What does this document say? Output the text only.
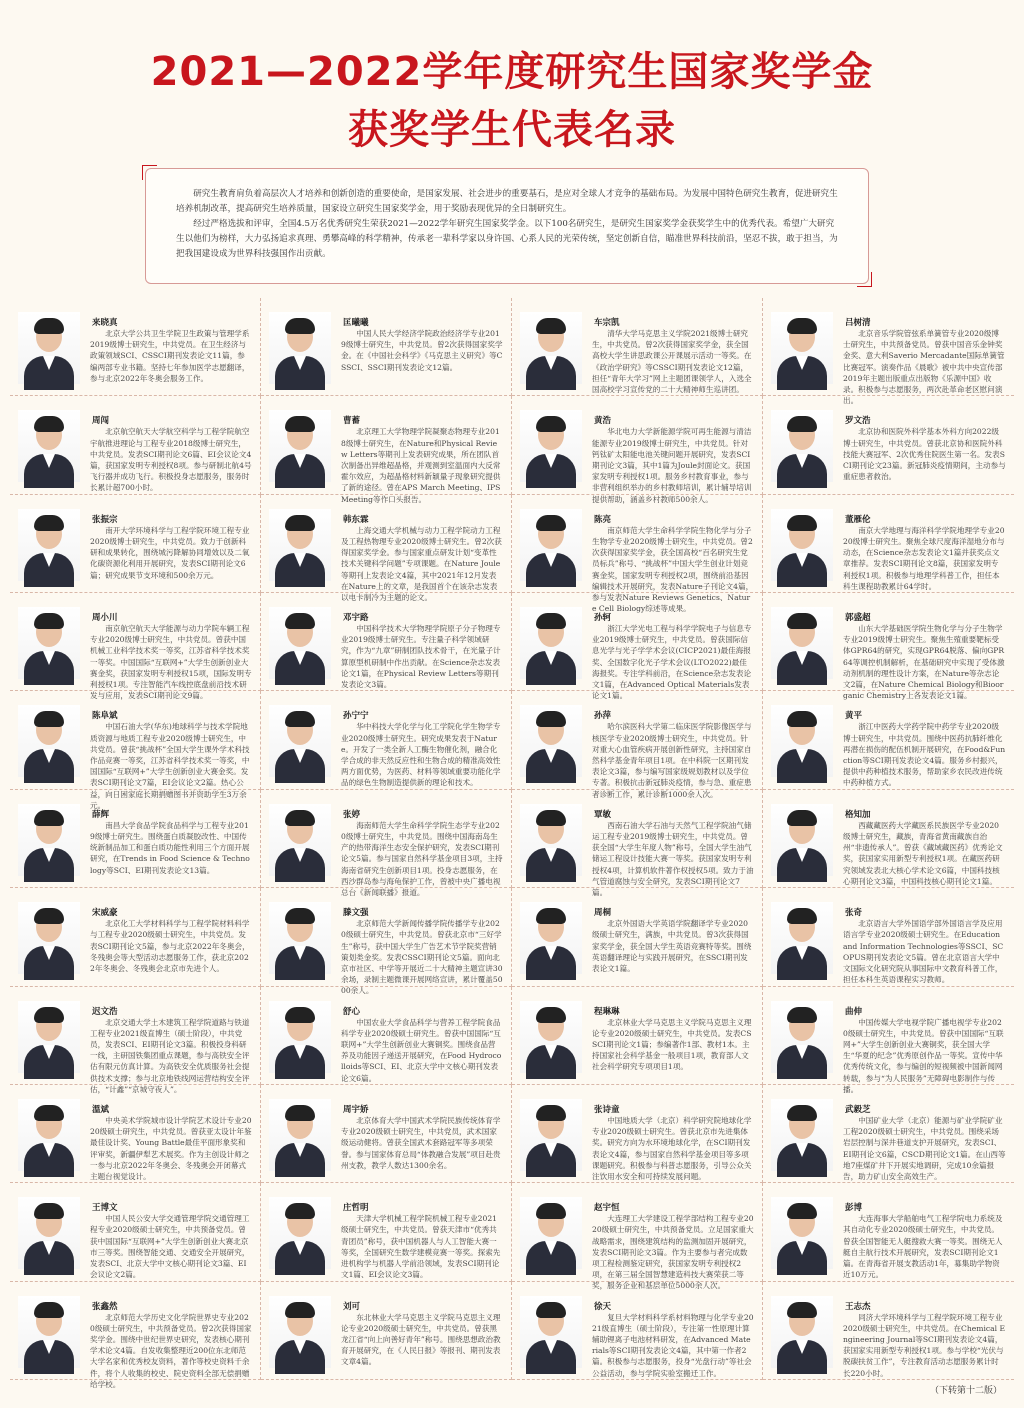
2021—2022学年度研究生国家奖学金
获奖学生代表名录

研究生教育肩负着高层次人才培养和创新创造的重要使命，是国家发展、社会进步的重要基石，是应对全球人才竞争的基础布局。为发展中国特色研究生教育，促进研究生培养机制改革，提高研究生培养质量，国家设立研究生国家奖学金，用于奖励表现优异的全日制研究生。

经过严格选拔和评审，全国4.5万名优秀研究生荣获2021—2022学年研究生国家奖学金。以下100名研究生，是研究生国家奖学金获奖学生中的优秀代表。希望广大研究生以他们为榜样，大力弘扬追求真理、勇攀高峰的科学精神，传承老一辈科学家以身许国、心系人民的光荣传统，坚定创新自信，瞄准世界科技前沿，坚忍不拔，敢于担当，为把我国建设成为世界科技强国作出贡献。

来晓真
北京大学公共卫生学院卫生政策与管理学系2019级博士研究生，中共党员。在卫生经济与政策领域SCI、CSSCI期刊发表论文11篇，参编两部专业书籍。坚持七年参加医学志愿翻译，参与北京2022年冬奥会服务工作。
匡曦曦
中国人民大学经济学院政治经济学专业2019级博士研究生，中共党员。曾2次获得国家奖学金。在《中国社会科学》《马克思主义研究》等CSSCI、SSCI期刊发表论文12篇。
车宗凯
清华大学马克思主义学院2021级博士研究生，中共党员。曾2次获得国家奖学金，获全国高校大学生讲思政课公开课展示活动一等奖。在《政治学研究》等CSSCI期刊发表论文12篇，担任“青年大学习”网上主题团课领学人，入选全国高校学习宣传党的二十大精神师生巡讲团。
吕树清
北京音乐学院管弦系单簧管专业2020级博士研究生，中共预备党员。曾获中国音乐金钟奖金奖、意大利Saverio Mercadante国际单簧管比赛冠军。演奏作品《晨歌》被中共中央宣传部2019年主题出版重点出版物《乐源中国》收录。积极参与志愿服务，两次赴革命老区慰问演出。
周闯
北京航空航天大学航空科学与工程学院航空宇航推进理论与工程专业2018级博士研究生，中共党员。发表SCI期刊论文6篇、EI会议论文4篇，获国家发明专利授权8项。参与研制北航4号飞行器并成功飞行。积极投身志愿服务，服务时长累计超700小时。
曹蓄
北京理工大学物理学院凝聚态物理专业2018级博士研究生，在Nature和Physical Review Letters等期刊上发表研究成果，所在团队首次制备出异维超晶格，并观测到室温面内大反常霍尔效应，为超晶格材料新颖量子现象研究提供了新的途径。曾在APS March Meeting、IPS Meeting等作口头报告。
黄浩
华北电力大学新能源学院可再生能源与清洁能源专业2019级博士研究生，中共党员。针对钙钛矿太阳能电池关键问题开展研究，发表SCI期刊论文3篇，其中1篇为Joule封面论文。获国家发明专利授权1项。服务乡村教育事业，参与非营利组织举办的乡村教师培训，累计辅导培训提供帮助，涵盖乡村教师500余人。
罗文浩
北京协和医院外科学基本外科方向2022级博士研究生，中共党员。曾获北京协和医院外科技能大赛冠军、2次优秀住院医生第一名。发表SCI期刊论文23篇。新冠肺炎疫情期间，主动参与重症患者救治。
张振宗
南开大学环境科学与工程学院环境工程专业2020级博士研究生，中共党员。致力于创新科研和成果转化，围绕城污降解协同增效以及二氧化碳资源化利用开展研究，发表SCI期刊论文6篇；研究成果节支环境和500余万元。
韩东霖
上海交通大学机械与动力工程学院动力工程及工程热物理专业2020级博士研究生。曾2次获得国家奖学金。参与国家重点研发计划“变革性技术关键科学问题”专项课题。在Nature Joule等期刊上发表论文4篇，其中2021年12月发表在Nature上的文章，是我国首个在该杂志发表以电卡制冷为主题的论文。
陈亮
南京师范大学生命科学学院生物化学与分子生物学专业2020级博士研究生，中共党员。曾2次获得国家奖学金，获全国高校“百名研究生党员标兵”称号、“挑战杯”中国大学生创业计划竞赛金奖，国家发明专利授权2项，围绕前沿基因编辑技术开展研究，发表Nature子刊论文4篇，参与发表Nature Reviews Genetics、Nature Cell Biology综述等成果。
董雁伦
南京大学地理与海洋科学学院地理学专业2020级博士研究生。聚焦全球尺度海洋湿地分布与动态，在Science杂志发表论文1篇并获奖点文章推荐。发表SCI期刊论文8篇，获国家发明专利授权1项。积极参与地理学科普工作，担任本科生课程助教累计64学时。
周小川
南京航空航天大学能源与动力学院车辆工程专业2020级博士研究生，中共党员。曾获中国机械工业科学技术奖一等奖，江苏省科学技术奖一等奖。中国国际“互联网+”大学生创新创业大赛金奖，获国家发明专利授权15项，国际发明专利授权1项。专注智能汽车线控底盘前沿技术研发与应用，发表SCI期刊论文9篇。
邓宇路
中国科学技术大学物理学院原子分子物理专业2019级博士研究生。专注量子科学领域研究，作为“九章”研制团队技术骨干，在光量子计算原型机研制中作出贡献。在Science杂志发表论文1篇，在Physical Review Letters等期刊发表论文3篇。
孙轲
浙江大学光电工程与科学学院电子与信息专业2019级博士研究生，中共党员。曾获国际信息光学与光子学学术会议(CICP2021)最佳海报奖、全国数字化光子学术会议(LTO2022)最佳海报奖。专注学科前沿，在Science杂志发表论文1篇，在Advanced Optical Materials发表论文1篇。
郭盛超
山东大学基础医学院生物化学与分子生物学专业2019级博士研究生。聚焦生殖重要靶标受体GPR64的研究，实现GPR64脱落、偏向GPR64等调控机制解析，在基础研究中实现了受体激动剂机制的理性设计方案，在Nature等杂志论文2篇，在Nature Chemical Biology和Bioorganic Chemistry上各发表论文1篇。
陈阜斌
中国石油大学(华东)地球科学与技术学院地质资源与地质工程专业2020级博士研究生，中共党员。曾获“挑战杯”全国大学生课外学术科技作品竞赛一等奖，江苏省科学技术奖一等奖，中国国际“互联网+”大学生创新创业大赛金奖。发表SCI期刊论文7篇，EI会议论文2篇。热心公益，向日困家庭长期捐赠图书并资助学生3万余元。
孙宁宁
华中科技大学化学与化工学院化学生物学专业2020级博士研究生。研究成果发表于Nature。开发了一类全新人工酶生物催化剂，融合化学合成的非天然反应性和生物合成的精准高效性两方面优势，为医药、材料等领域重要功能化学品的绿色生物制造提供新的理论和技术。
孙萍
哈尔滨医科大学第二临床医学院影像医学与核医学专业2020级博士研究生，中共党员。针对重大心血管疾病开展创新性研究，主持国家自然科学基金青年项目1项。在中科院一区期刊发表论文3篇，参与编写国家级规划教材以及学位专著。积极抗击新冠肺炎疫情，参与急、重症患者诊断工作，累计诊断1000余人次。
黄平
浙江中医药大学药学院中药学专业2020级博士研究生，中共党员。围绕中医药抗肺纤维化再潜在损伤的配伍机制开展研究，在Food&Function等SCI期刊发表论文4篇。服务乡村振兴，提供中药种植技术服务，帮助家乡农民改进传统中药种植方式。
薛辉
南昌大学食品学院食品科学与工程专业2019级博士研究生。围绕蛋白质凝胶改性、中国传统新制品加工和蛋白质功能性利用三个方面开展研究，在Trends in Food Science & Technology等SCI、EI期刊发表论文13篇。
张婷
海南师范大学生命科学学院生态学专业2020级博士研究生，中共党员。围绕中国海南岛生产的热带海洋生态安全保护研究，发表SCI期刊论文5篇。参与国家自然科学基金项目3项，主持海南省研究生创新项目1项。投身志愿服务，在西沙群岛参与海龟保护工作，曾被中央广播电视总台《新闻联播》报道。
覃敏
西南石油大学石油与天然气工程学院油气储运工程专业2019级博士研究生，中共党员。曾获全国“大学生年度人物”称号，全国大学生油气储运工程设计技能大赛一等奖。获国家发明专利授权4项，计算机软件著作权授权5项。致力于油气管道腐蚀与安全研究，发表SCI期刊论文7篇。
格知加
西藏藏医药大学藏医系民族医学专业2020级博士研究生，藏族，青海省黄南藏族自治州“非遗传承人”。曾获《藏域藏医药》优秀论文奖，获国家实用新型专利授权1项。在藏医药研究领域发表北大核心学术论文6篇，中国科技核心期刊论文3篇，中国科技核心期刊论文1篇。
宋威豪
北京化工大学材料科学与工程学院材料科学与工程专业2020级硕士研究生，中共党员。发表SCI期刊论文5篇，参与北京2022年冬奥会，冬残奥会等大型活动志愿服务工作，获北京2022年冬奥会、冬残奥会北京市先进个人。
滕文强
北京师范大学新闻传播学院传播学专业2020级硕士研究生，中共党员。曾获北京市“三好学生”称号，获中国大学生广告艺术节学院奖营销策划类金奖。发表CSSCI期刊论文5篇。面向北京市社区、中学等开展近二十大精神主题宣讲30余场，录制主题微课开展网络宣讲，累计覆盖5000余人。
周桐
北京外国语大学英语学院翻译学专业2020级硕士研究生，满族，中共党员。曾3次获得国家奖学金，获全国大学生英语竞赛特等奖。围绕英语翻译理论与实践开展研究，在SSCI期刊发表论文1篇。
张奇
北京语言大学外国语学部外国语言学及应用语言学专业2020级硕士研究生。在Education and Information Technologies等SSCI、SCOPUS期刊发表论文5篇。曾在北京语言大学中文国际文化研究院从事国际中文教育科普工作，担任本科生英语课程实习教师。
迟文浩
北京交通大学土木建筑工程学院道路与铁道工程专业2021级直博生（硕士阶段），中共党员，发表SCI、EI期刊论文3篇。积极投身科研一线，主研国铁集团重点课题，参与高铁安全评估有限元仿真计算。为高铁安全优质服务社会提供技术支撑；参与北京地铁线网运营结构安全评估，“计鑫”“京城守夜人”。
舒心
中国农业大学食品科学与营养工程学院食品科学专业2020级硕士研究生。曾获中国国际“互联网+”大学生创新创业大赛铜奖。围绕食品营养及功能因子递送开展研究，在Food Hydrocolloids等SCI、EI、北京大学中文核心期刊发表论文6篇。
程琳琳
北京林业大学马克思主义学院马克思主义理论专业2020级硕士研究生，中共党员。发表CSSCI期刊论文1篇；参编著作1部、教材1本。主持国家社会科学基金一般项目1项，教育部人文社会科学研究专项项目1项。
曲伸
中国传媒大学电视学院广播电视学专业2020级硕士研究生，中共党员。曾获中国国际“互联网+”大学生创新创业大赛铜奖，获全国大学生“华夏的纪念”优秀原创作品一等奖。宣传中华优秀传统文化，参与编创的短视频被中国新闻网转载，参与“为人民服务”无障碍电影制作与传播。
溫斌
中央美术学院城市设计学院艺术设计专业2020级硕士研究生，中共党员。曾获亚太设计年鉴最佳设计奖、Young Battle最佳平面形象奖和评审奖，新疆伊犁艺术展奖。作为主创设计师之一参与北京2022年冬奥会、冬残奥会开闭幕式主题台视觉设计。
周宇娇
北京体育大学中国武术学院民族传统体育学专业2020级硕士研究生，中共党员，武术国家级运动健将。曾获全国武术套路冠军等多项荣誉。参与国家体育总局“体教融合发展”项目赴贵州支教，教学人数达1300余名。
张诗童
中国地质大学（北京）科学研究院地球化学专业2020级硕士研究生。曾获北京市先进集体奖。研究方向为水环境地球化学，在SCI期刊发表论文4篇，参与国家自然科学基金项目等多项课题研究。积极参与科普志愿服务，引导公众关注饮用水安全和可持续发展问题。
武毅芝
中国矿业大学（北京）能源与矿业学院矿业工程2020级硕士研究生，中共党员。围绕采场岩层控制与深井巷道支护开展研究，发表SCI、EI期刊论文6篇，CSCD期刊论文1篇。在山西等地7座煤矿井下开展实地调研，完成10余篇报告，助力矿山安全高效生产。
王博文
中国人民公安大学交通管理学院交通管理工程专业2020级硕士研究生，中共预备党员。曾获中国国际“互联网+”大学生创新创业大赛北京市三等奖。围绕智能交通、交通安全开展研究，发表SCI、北京大学中文核心期刊论文3篇、EI会议论文2篇。
庄哲明
天津大学机械工程学院机械工程专业2021级硕士研究生，中共党员。曾获天津市“优秀共青团员”称号，获中国机器人与人工智能大赛一等奖，全国研究生数学建模竞赛一等奖。探索先进机构学与机器人学前沿领域，发表SCI期刊论文1篇、EI会议论文3篇。
赵宇恒
大连理工大学建设工程学部结构工程专业2020级硕士研究生，中共预备党员。立足国家重大战略需求，围绕建筑结构的监测加固开展研究，发表SCI期刊论文3篇。作为主要参与者完成数项工程检测鉴定研究，获国家发明专利授权2项，在第三届全国智慧建造科技大赛荣获二等奖，服务企业和基层单位5000余人次。
彭博
大连海事大学船舶电气工程学院电力系统及其自动化专业2020级硕士研究生，中共党员。曾获全国智能无人艇搜救大赛一等奖。围绕无人艇自主航行技术开展研究，发表SCI期刊论文1篇。在青海省开展支教活动1年，募集助学物资近10万元。
张鑫然
北京师范大学历史文化学院世界史专业2020级硕士研究生，中共预备党员。曾2次获得国家奖学金。围绕中世纪世界史研究，发表核心期刊学术论文4篇。自发收集整理近200位东北师范大学名家和优秀校友资料，著作等校史资料千余件，将个人收集的校史、院史资料全部无偿捐赠给学校。
刘可
东北林业大学马克思主义学院马克思主义理论专业2020级硕士研究生，中共党员。曾获黑龙江省“向上向善好青年”称号。围绕思想政治教育开展研究，在《人民日报》等报刊、期刊发表文章4篇。
徐天
复旦大学材料科学系材料物理与化学专业2021级直博生（硕士阶段），专注第一性原理计算辅助锂离子电池材料研发，在Advanced Materials等SCI期刊发表论文4篇，其中第一作者2篇。积极参与志愿服务，投身“光盘行动”等社会公益活动，参与学院实验室搬迁工作。
王志杰
同济大学环境科学与工程学院环境工程专业2020级硕士研究生，中共党员。在Chemical Engineering Journal等SCI期刊发表论文4篇，获国家实用新型专利授权1项。参与学校“光伏与脱碳扶贫工作”，专注教育活动志愿服务累计时长220小时。
（下转第十二版）
